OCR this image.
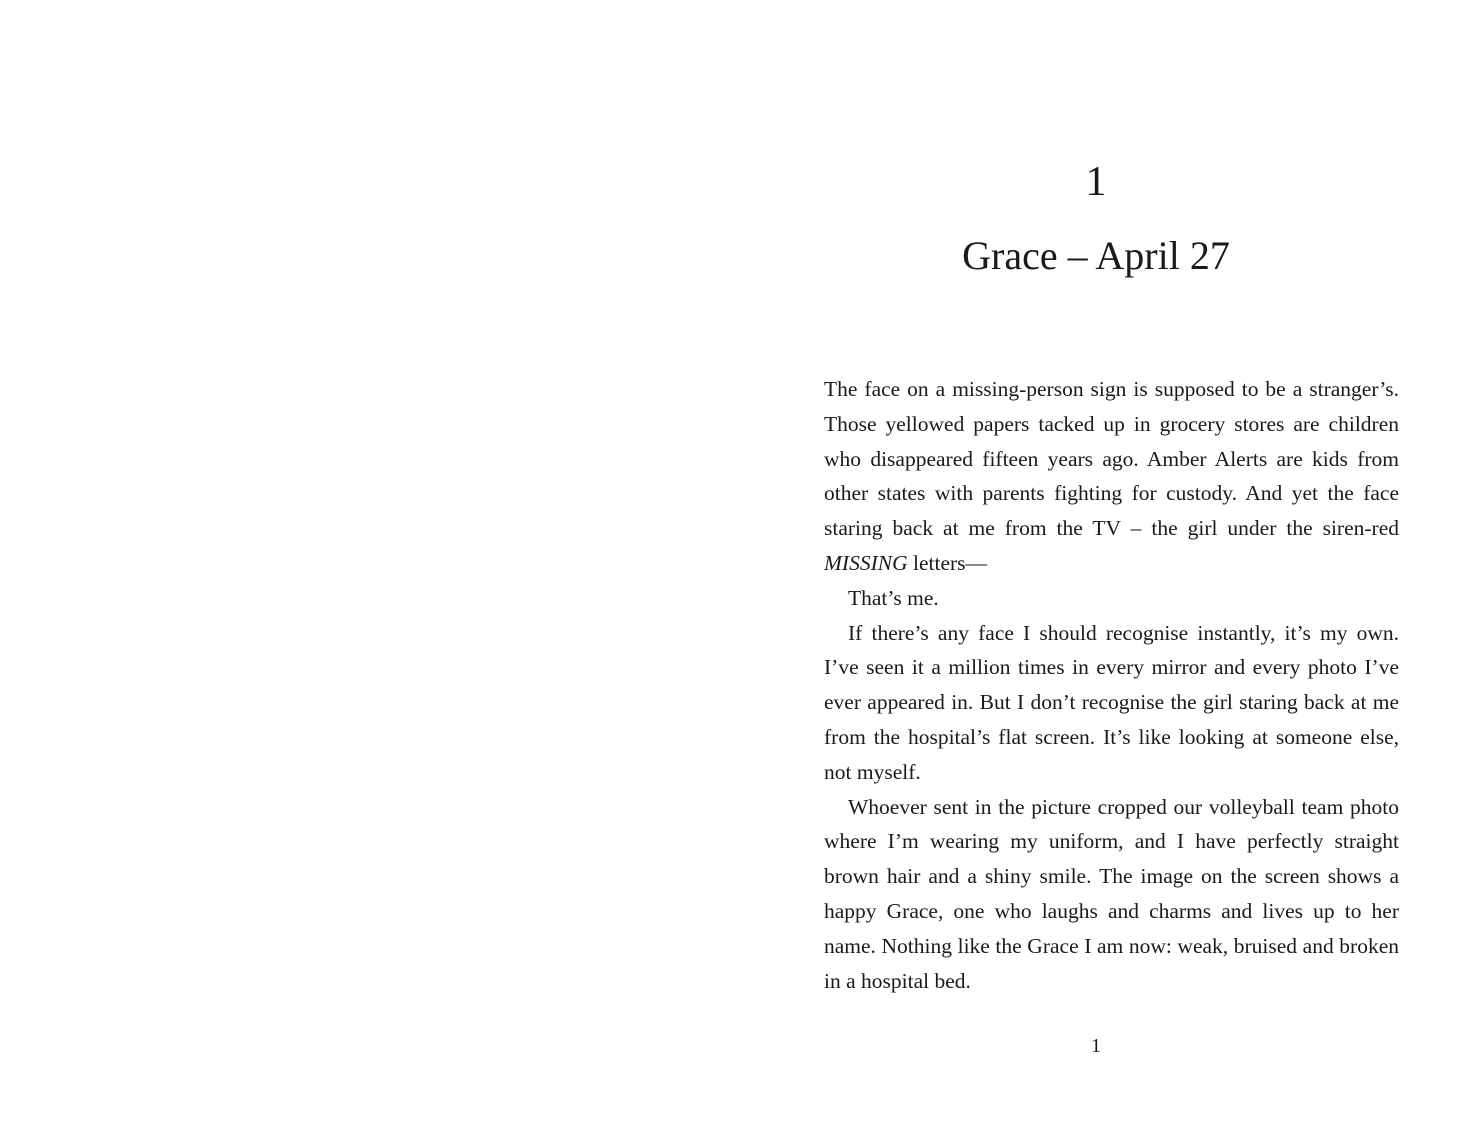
1
Grace – April 27

The face on a missing-person sign is supposed to be a stranger’s. Those yellowed papers tacked up in grocery stores are children who disappeared fifteen years ago. Amber Alerts are kids from other states with parents fighting for custody. And yet the face staring back at me from the TV – the girl under the siren-red MISSING letters—

That’s me.

If there’s any face I should recognise instantly, it’s my own. I’ve seen it a million times in every mirror and every photo I’ve ever appeared in. But I don’t recognise the girl staring back at me from the hospital’s flat screen. It’s like looking at someone else, not myself.

Whoever sent in the picture cropped our volleyball team photo where I’m wearing my uniform, and I have perfectly straight brown hair and a shiny smile. The image on the screen shows a happy Grace, one who laughs and charms and lives up to her name. Nothing like the Grace I am now: weak, bruised and broken in a hospital bed.

1
